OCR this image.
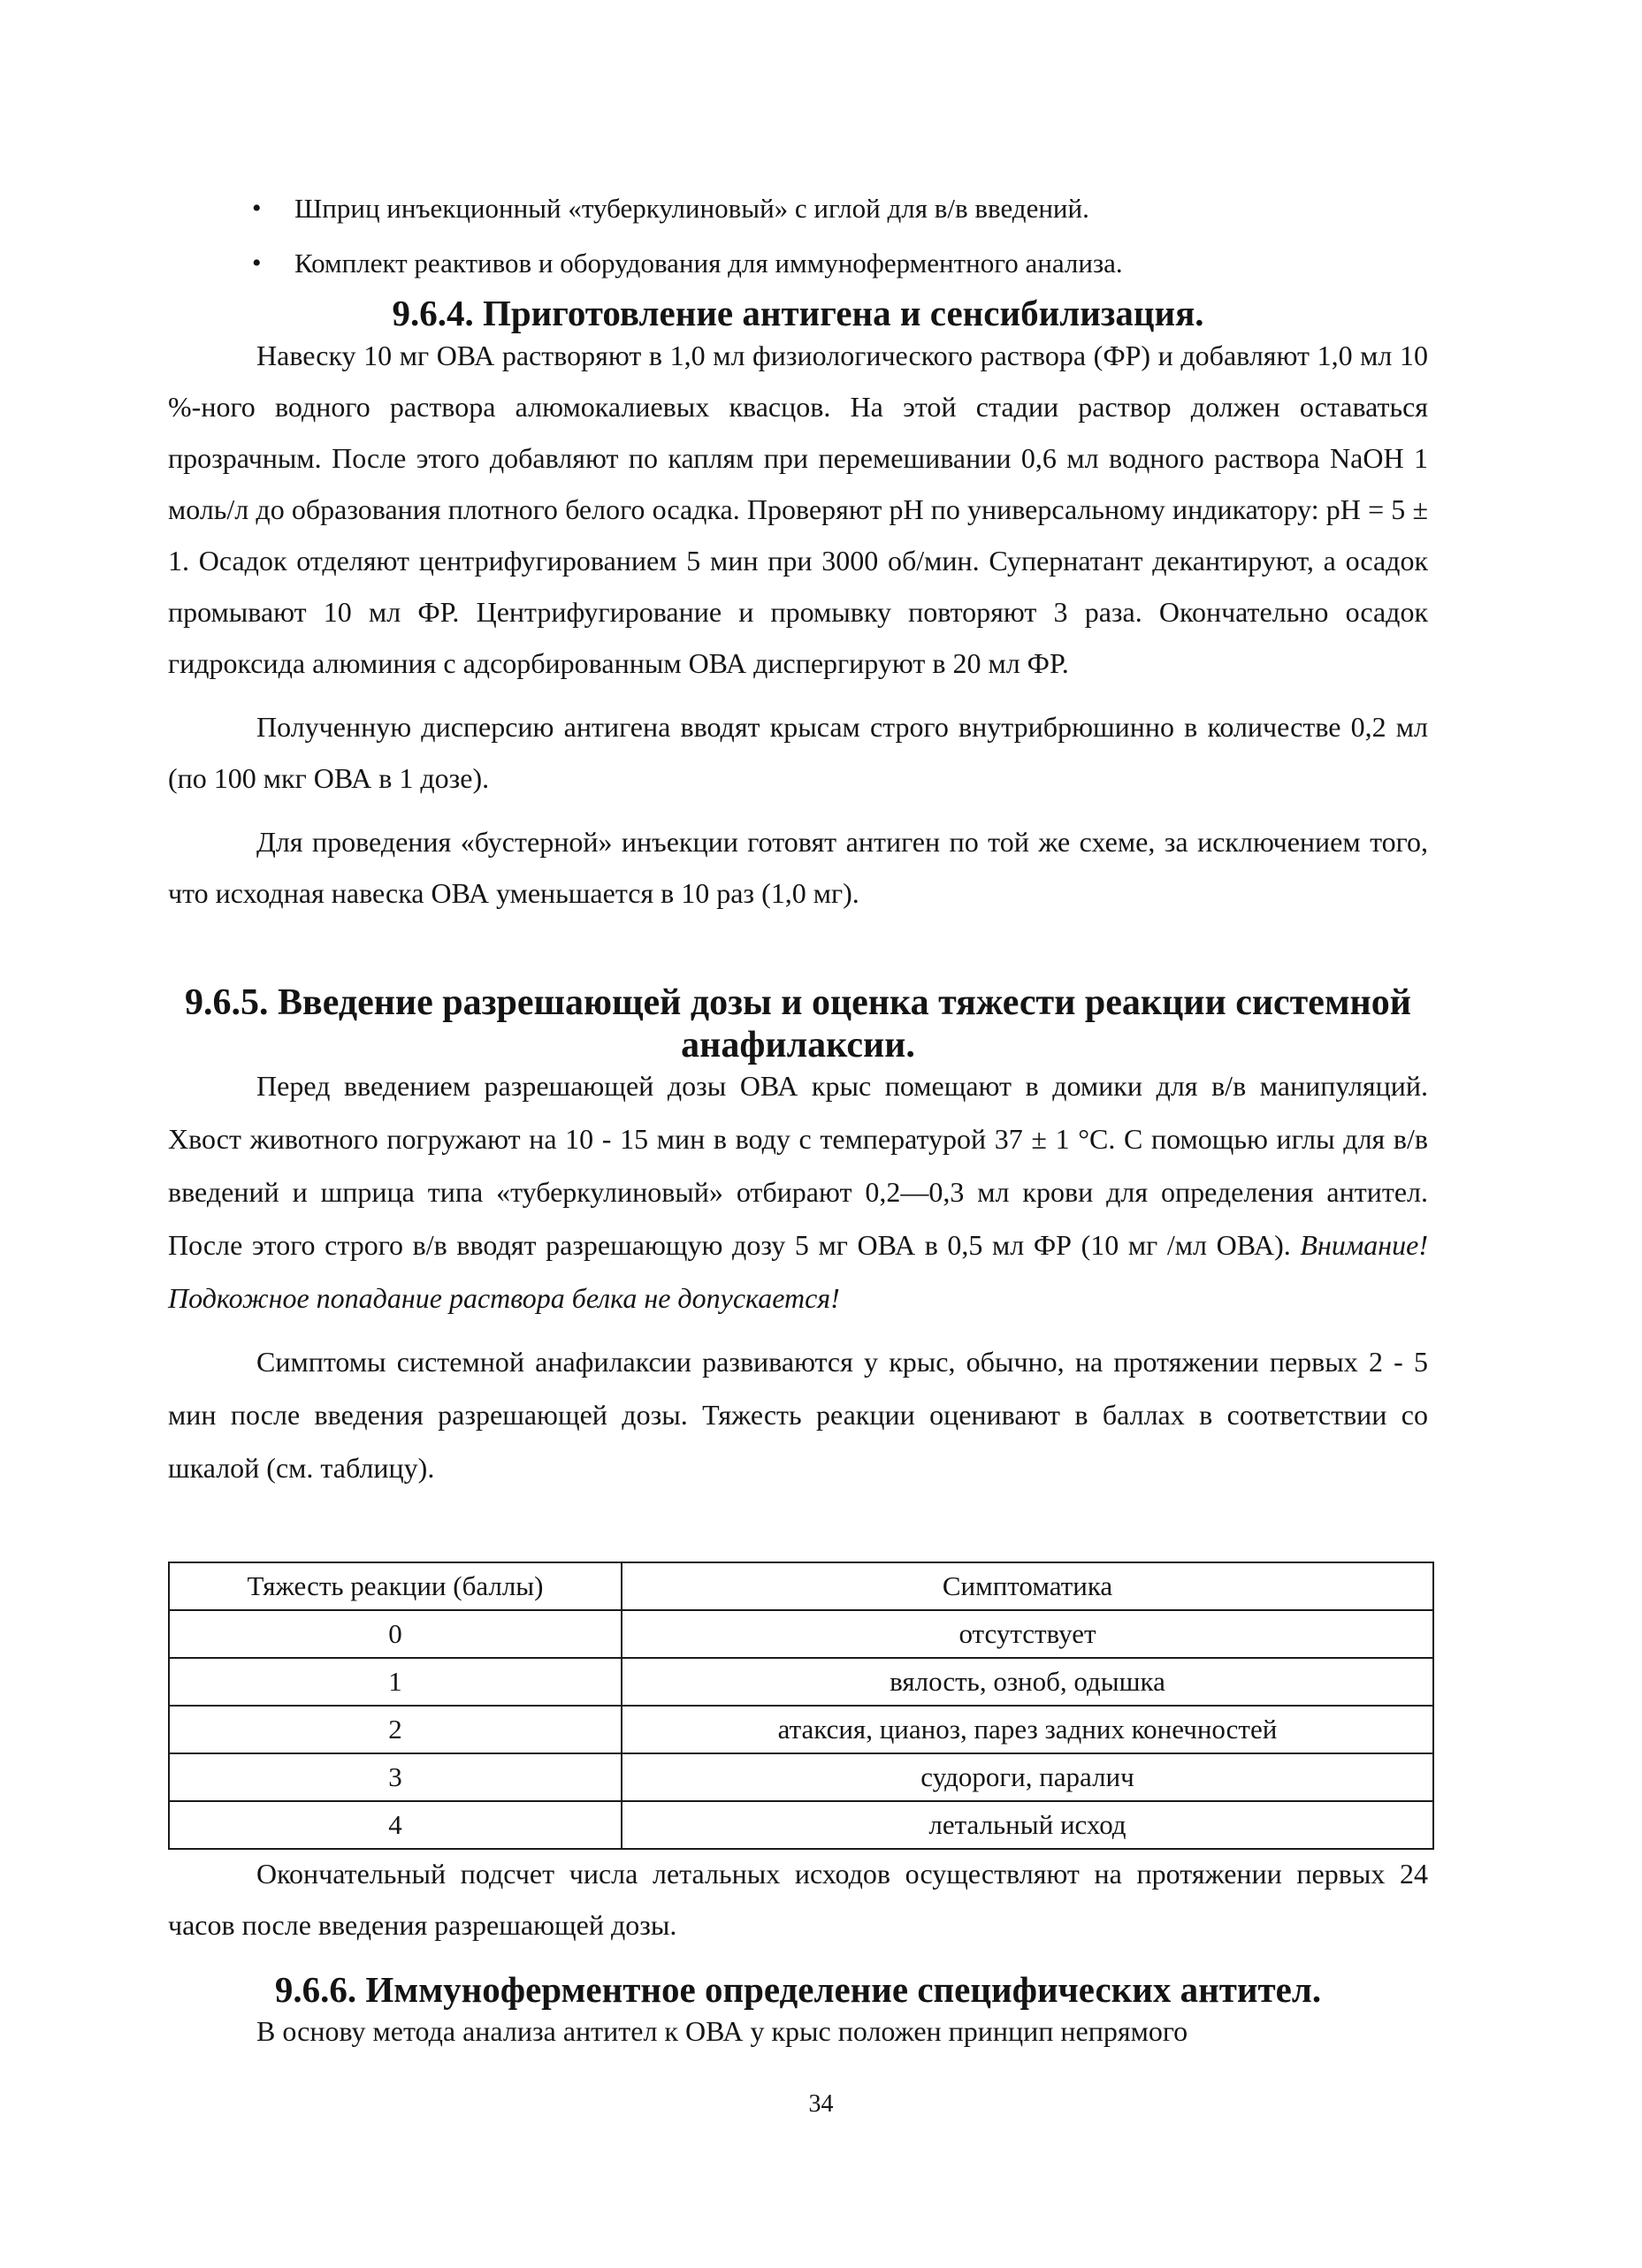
• Шприц инъекционный «туберкулиновый» с иглой для в/в введений.
• Комплект реактивов и оборудования для иммуноферментного анализа.
9.6.4. Приготовление антигена и сенсибилизация.

Навеску 10 мг ОВА растворяют в 1,0 мл физиологического раствора (ФР) и добавляют 1,0 мл 10 %-ного водного раствора алюмокалиевых квасцов. На этой стадии раствор должен оставаться прозрачным. После этого добавляют по каплям при перемешивании 0,6 мл водного раствора NaOH 1 моль/л до образования плотного белого осадка. Проверяют pH по универсальному индикатору: pH = 5 ± 1. Осадок отделяют центрифугированием 5 мин при 3000 об/мин. Супернатант декантируют, а осадок промывают 10 мл ФР. Центрифугирование и промывку повторяют 3 раза. Окончательно осадок гидроксида алюминия с адсорбированным ОВА диспергируют в 20 мл ФР.

Полученную дисперсию антигена вводят крысам строго внутрибрюшинно в количестве 0,2 мл (по 100 мкг ОВА в 1 дозе).

Для проведения «бустерной» инъекции готовят антиген по той же схеме, за исключением того, что исходная навеска ОВА уменьшается в 10 раз (1,0 мг).

9.6.5. Введение разрешающей дозы и оценка тяжести реакции системной
анафилаксии.

Перед введением разрешающей дозы ОВА крыс помещают в домики для в/в манипуляций. Хвост животного погружают на 10 - 15 мин в воду с температурой 37 ± 1 °С. С помощью иглы для в/в введений и шприца типа «туберкулиновый» отбирают 0,2—0,3 мл крови для определения антител. После этого строго в/в вводят разрешающую дозу 5 мг ОВА в 0,5 мл ФР (10 мг /мл ОВА). Внимание! Подкожное попадание раствора белка не допускается!

Симптомы системной анафилаксии развиваются у крыс, обычно, на протяжении первых 2 - 5 мин после введения разрешающей дозы. Тяжесть реакции оценивают в баллах в соответствии со шкалой (см. таблицу).

Тяжесть реакции (баллы)	Симптоматика
0	отсутствует
1	вялость, озноб, одышка
2	атаксия, цианоз, парез задних конечностей
3	судороги, паралич
4	летальный исход

Окончательный подсчет числа летальных исходов осуществляют на протяжении первых 24 часов после введения разрешающей дозы.

9.6.6. Иммуноферментное определение специфических антител.

В основу метода анализа антител к ОВА у крыс положен принцип непрямого

34
